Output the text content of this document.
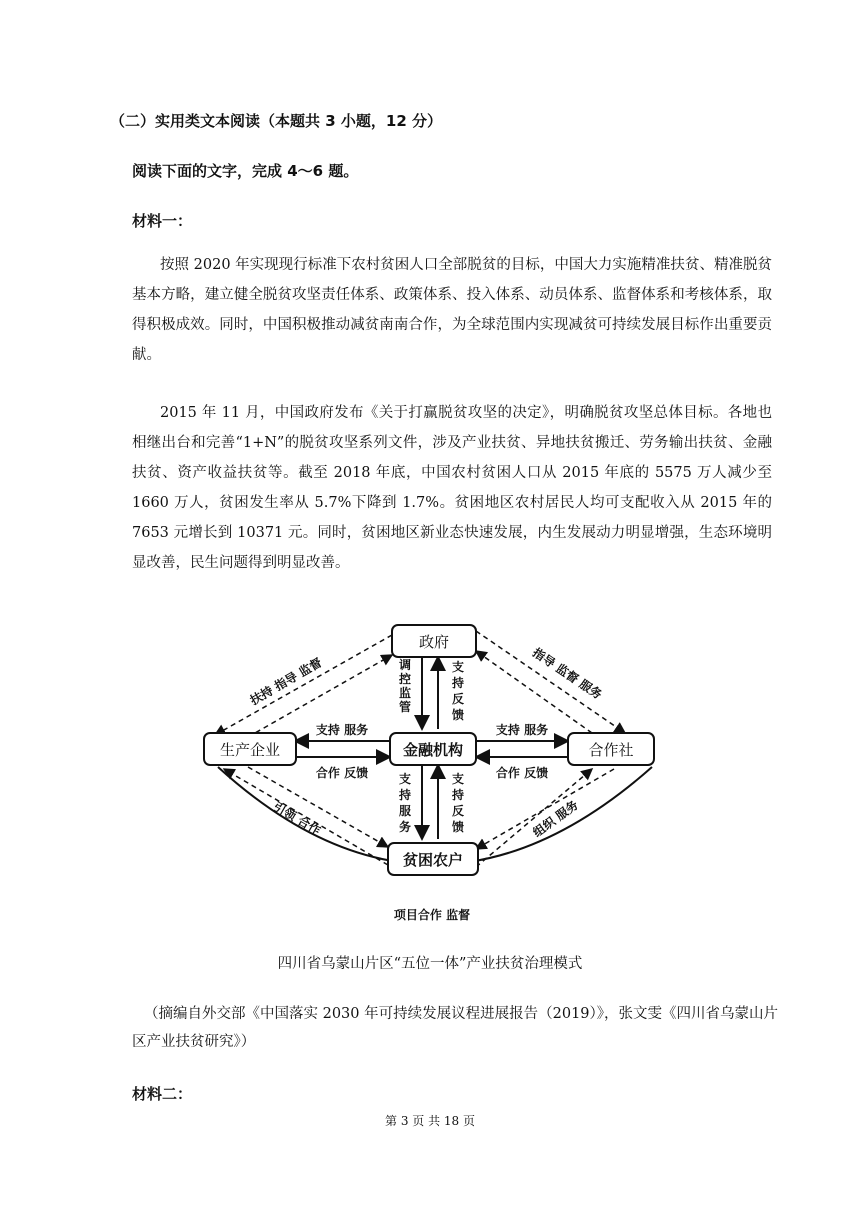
（二）实用类文本阅读（本题共 3 小题，12 分）
阅读下面的文字，完成 4～6 题。
材料一：
按照 2020 年实现现行标准下农村贫困人口全部脱贫的目标，中国大力实施精准扶贫、精准脱贫基本方略，建立健全脱贫攻坚责任体系、政策体系、投入体系、动员体系、监督体系和考核体系，取得积极成效。同时，中国积极推动减贫南南合作，为全球范围内实现减贫可持续发展目标作出重要贡献。
2015 年 11 月，中国政府发布《关于打赢脱贫攻坚的决定》，明确脱贫攻坚总体目标。各地也相继出台和完善“1+N”的脱贫攻坚系列文件，涉及产业扶贫、异地扶贫搬迁、劳务输出扶贫、金融扶贫、资产收益扶贫等。截至 2018 年底，中国农村贫困人口从 2015 年底的 5575 万人减少至 1660 万人，贫困发生率从 5.7%下降到 1.7%。贫困地区农村居民人均可支配收入从 2015 年的 7653 元增长到 10371 元。同时，贫困地区新业态快速发展，内生发展动力明显增强，生态环境明显改善，民生问题得到明显改善。
政府
生产企业	金融机构	合作社
贫困农户
扶持 指导 监督	指导 监督 服务
支持 服务
合作 反馈
支持 服务
合作 反馈
引领 合作	组织 服务
项目合作 监督
调控监管
支持反馈
支持服务
支持反馈
四川省乌蒙山片区“五位一体”产业扶贫治理模式
（摘编自外交部《中国落实 2030 年可持续发展议程进展报告（2019）》，张文雯《四川省乌蒙山片区产业扶贫研究》）
材料二：
第 3 页 共 18 页
